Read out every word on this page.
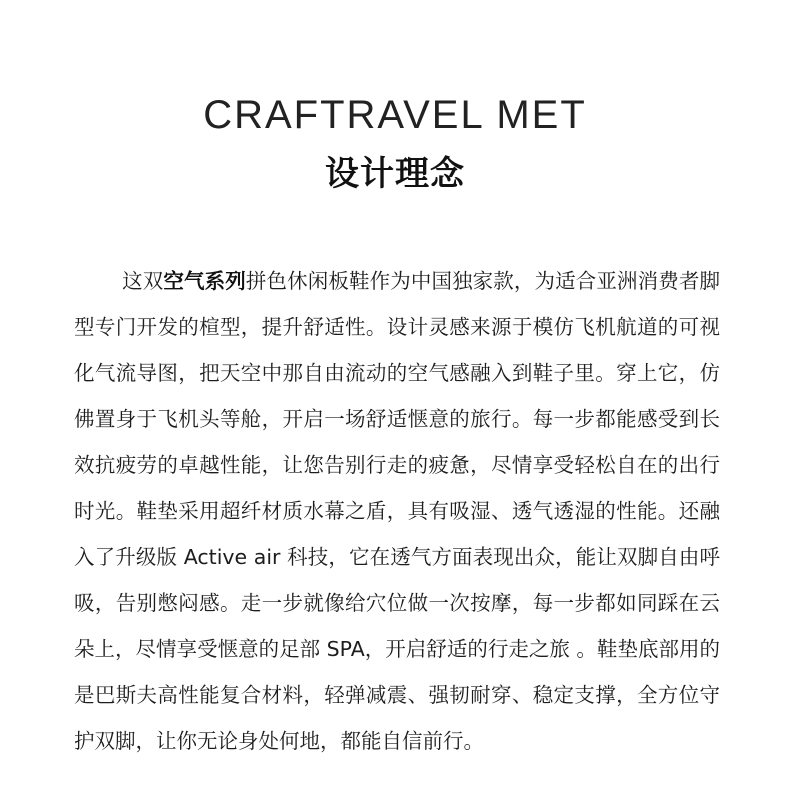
CRAFTRAVEL MET
设计理念
这双空气系列拼色休闲板鞋作为中国独家款，为适合亚洲消费者脚型专门开发的楦型，提升舒适性。设计灵感来源于模仿飞机航道的可视化气流导图，把天空中那自由流动的空气感融入到鞋子里。穿上它，仿佛置身于飞机头等舱，开启一场舒适惬意的旅行。每一步都能感受到长效抗疲劳的卓越性能，让您告别行走的疲惫，尽情享受轻松自在的出行时光。鞋垫采用超纤材质水幕之盾，具有吸湿、透气透湿的性能。还融入了升级版 Active air 科技，它在透气方面表现出众，能让双脚自由呼吸，告别憋闷感。走一步就像给穴位做一次按摩，每一步都如同踩在云朵上，尽情享受惬意的足部 SPA，开启舒适的行走之旅 。鞋垫底部用的是巴斯夫高性能复合材料，轻弹减震、强韧耐穿、稳定支撑，全方位守护双脚，让你无论身处何地，都能自信前行。
